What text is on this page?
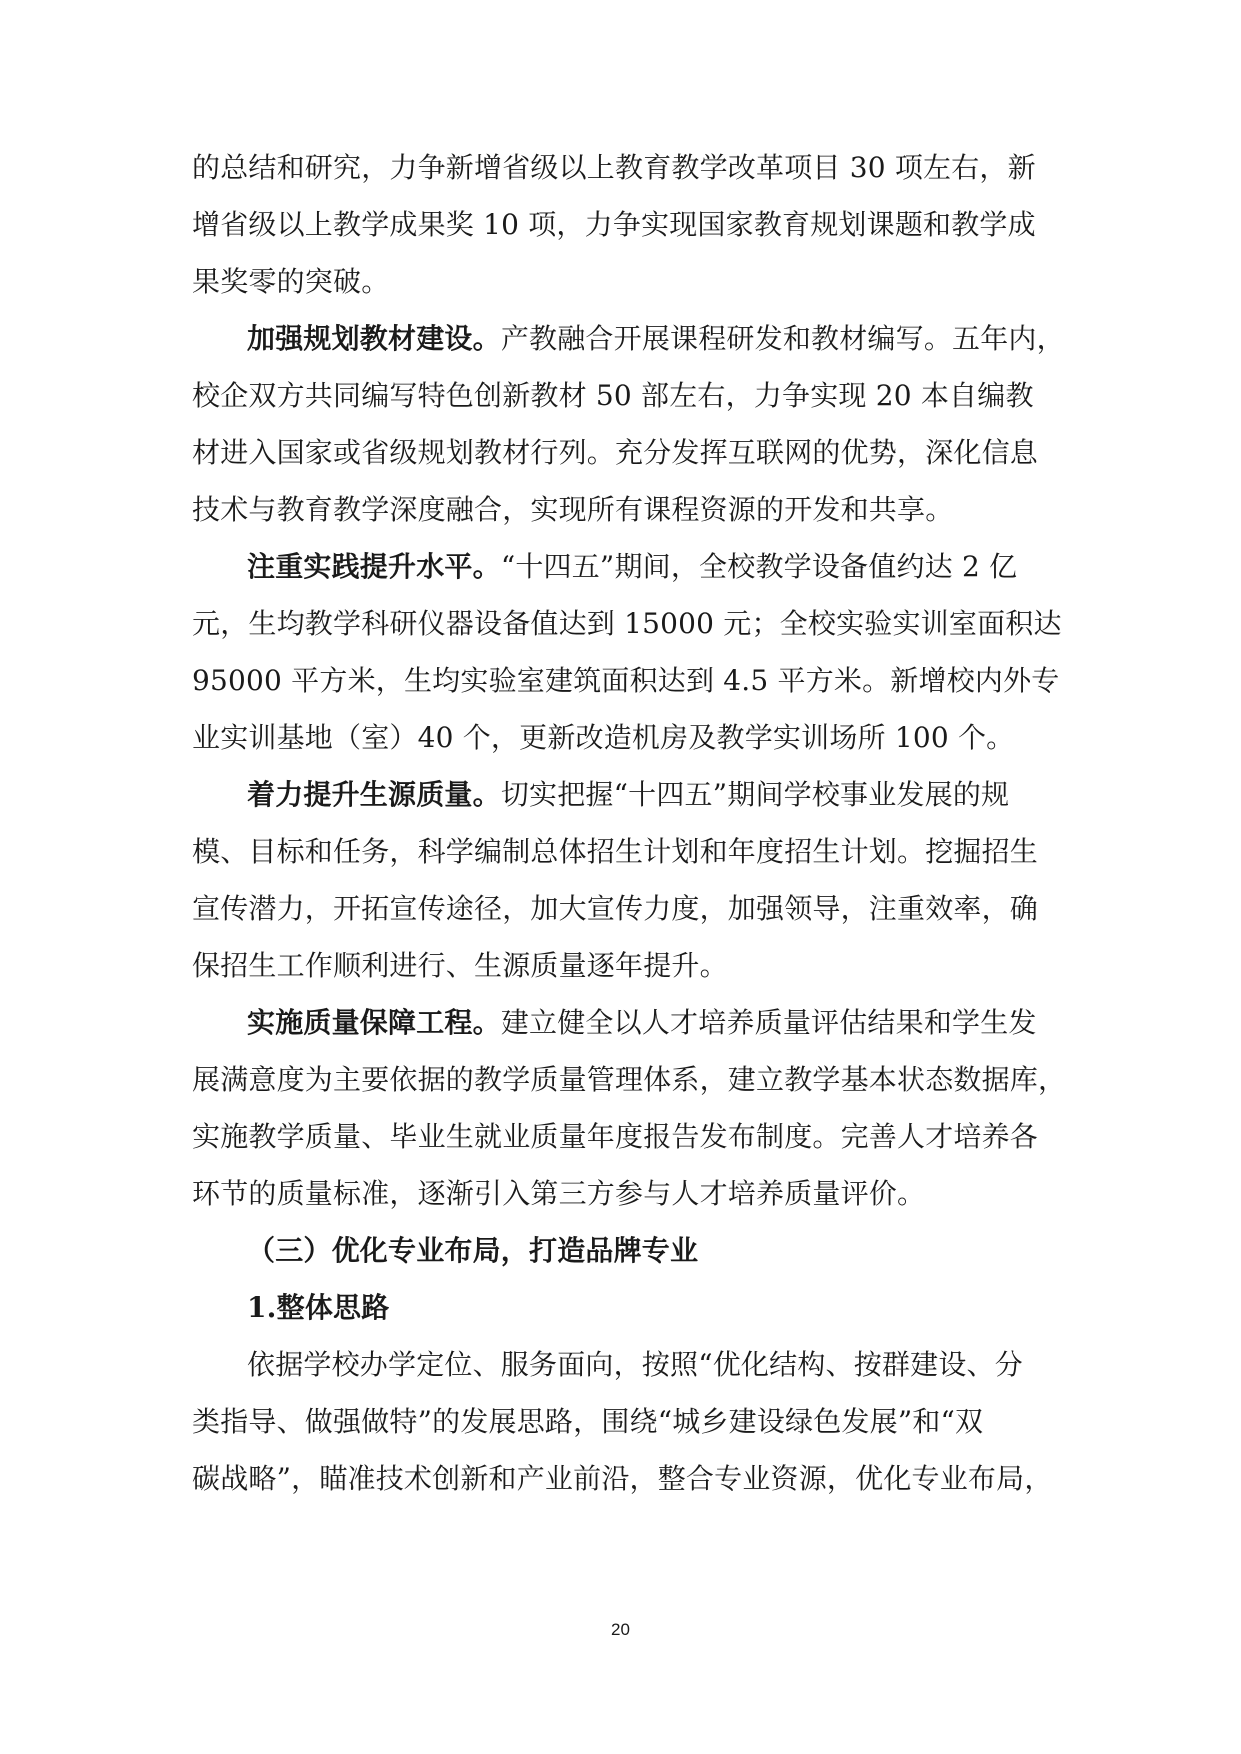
的总结和研究，力争新增省级以上教育教学改革项目 30 项左右，新
增省级以上教学成果奖 10 项，力争实现国家教育规划课题和教学成
果奖零的突破。
加强规划教材建设。产教融合开展课程研发和教材编写。五年内，
校企双方共同编写特色创新教材 50 部左右，力争实现 20 本自编教
材进入国家或省级规划教材行列。充分发挥互联网的优势，深化信息
技术与教育教学深度融合，实现所有课程资源的开发和共享。
注重实践提升水平。“十四五”期间，全校教学设备值约达 2 亿
元，生均教学科研仪器设备值达到 15000 元；全校实验实训室面积达
95000 平方米，生均实验室建筑面积达到 4.5 平方米。新增校内外专
业实训基地（室）40 个，更新改造机房及教学实训场所 100 个。
着力提升生源质量。切实把握“十四五”期间学校事业发展的规
模、目标和任务，科学编制总体招生计划和年度招生计划。挖掘招生
宣传潜力，开拓宣传途径，加大宣传力度，加强领导，注重效率，确
保招生工作顺利进行、生源质量逐年提升。
实施质量保障工程。建立健全以人才培养质量评估结果和学生发
展满意度为主要依据的教学质量管理体系，建立教学基本状态数据库，
实施教学质量、毕业生就业质量年度报告发布制度。完善人才培养各
环节的质量标准，逐渐引入第三方参与人才培养质量评价。
（三）优化专业布局，打造品牌专业
1.整体思路
依据学校办学定位、服务面向，按照“优化结构、按群建设、分
类指导、做强做特”的发展思路，围绕“城乡建设绿色发展”和“双
碳战略”，瞄准技术创新和产业前沿，整合专业资源，优化专业布局，
20
